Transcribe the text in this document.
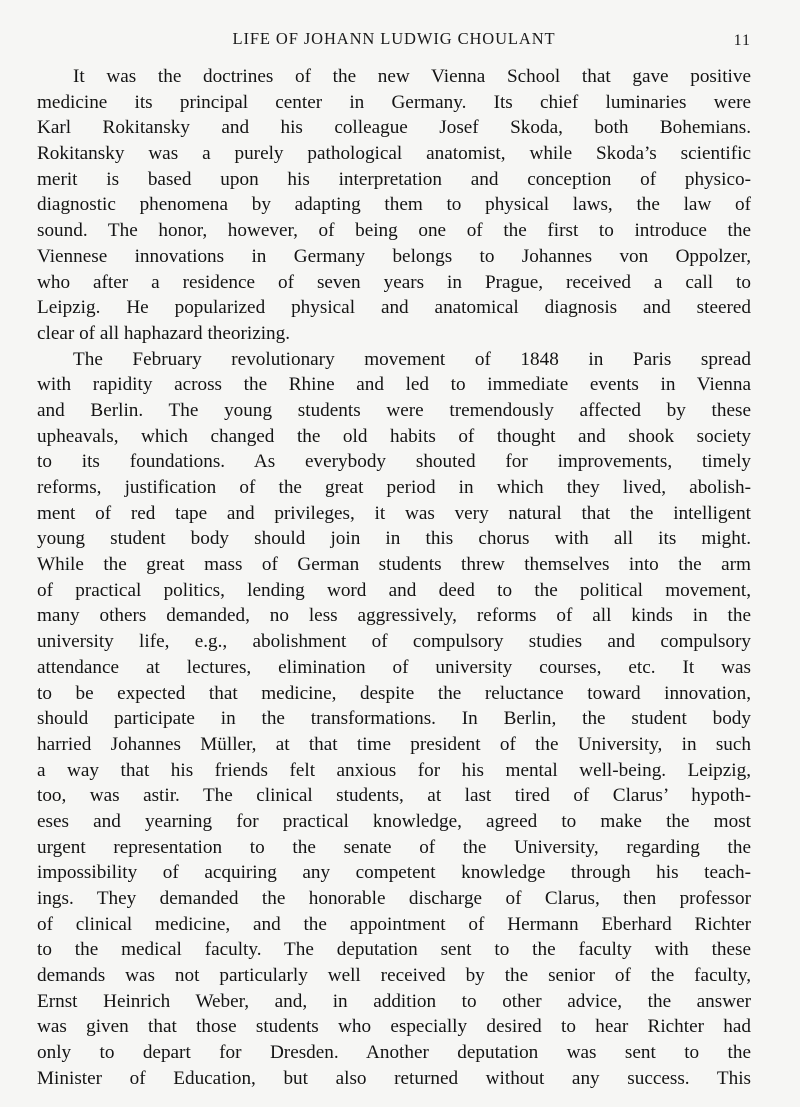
LIFE OF JOHANN LUDWIG CHOULANT	11

It was the doctrines of the new Vienna School that gave positive
medicine its principal center in Germany. Its chief luminaries were
Karl Rokitansky and his colleague Josef Skoda, both Bohemians.
Rokitansky was a purely pathological anatomist, while Skoda’s scientific
merit is based upon his interpretation and conception of physico-
diagnostic phenomena by adapting them to physical laws, the law of
sound. The honor, however, of being one of the first to introduce the
Viennese innovations in Germany belongs to Johannes von Oppolzer,
who after a residence of seven years in Prague, received a call to
Leipzig. He popularized physical and anatomical diagnosis and steered
clear of all haphazard theorizing.

The February revolutionary movement of 1848 in Paris spread
with rapidity across the Rhine and led to immediate events in Vienna
and Berlin. The young students were tremendously affected by these
upheavals, which changed the old habits of thought and shook society
to its foundations. As everybody shouted for improvements, timely
reforms, justification of the great period in which they lived, abolish-
ment of red tape and privileges, it was very natural that the intelligent
young student body should join in this chorus with all its might.
While the great mass of German students threw themselves into the arm
of practical politics, lending word and deed to the political movement,
many others demanded, no less aggressively, reforms of all kinds in the
university life, e.g., abolishment of compulsory studies and compulsory
attendance at lectures, elimination of university courses, etc. It was
to be expected that medicine, despite the reluctance toward innovation,
should participate in the transformations. In Berlin, the student body
harried Johannes Müller, at that time president of the University, in such
a way that his friends felt anxious for his mental well-being. Leipzig,
too, was astir. The clinical students, at last tired of Clarus’ hypoth-
eses and yearning for practical knowledge, agreed to make the most
urgent representation to the senate of the University, regarding the
impossibility of acquiring any competent knowledge through his teach-
ings. They demanded the honorable discharge of Clarus, then professor
of clinical medicine, and the appointment of Hermann Eberhard Richter
to the medical faculty. The deputation sent to the faculty with these
demands was not particularly well received by the senior of the faculty,
Ernst Heinrich Weber, and, in addition to other advice, the answer
was given that those students who especially desired to hear Richter had
only to depart for Dresden. Another deputation was sent to the
Minister of Education, but also returned without any success. This
